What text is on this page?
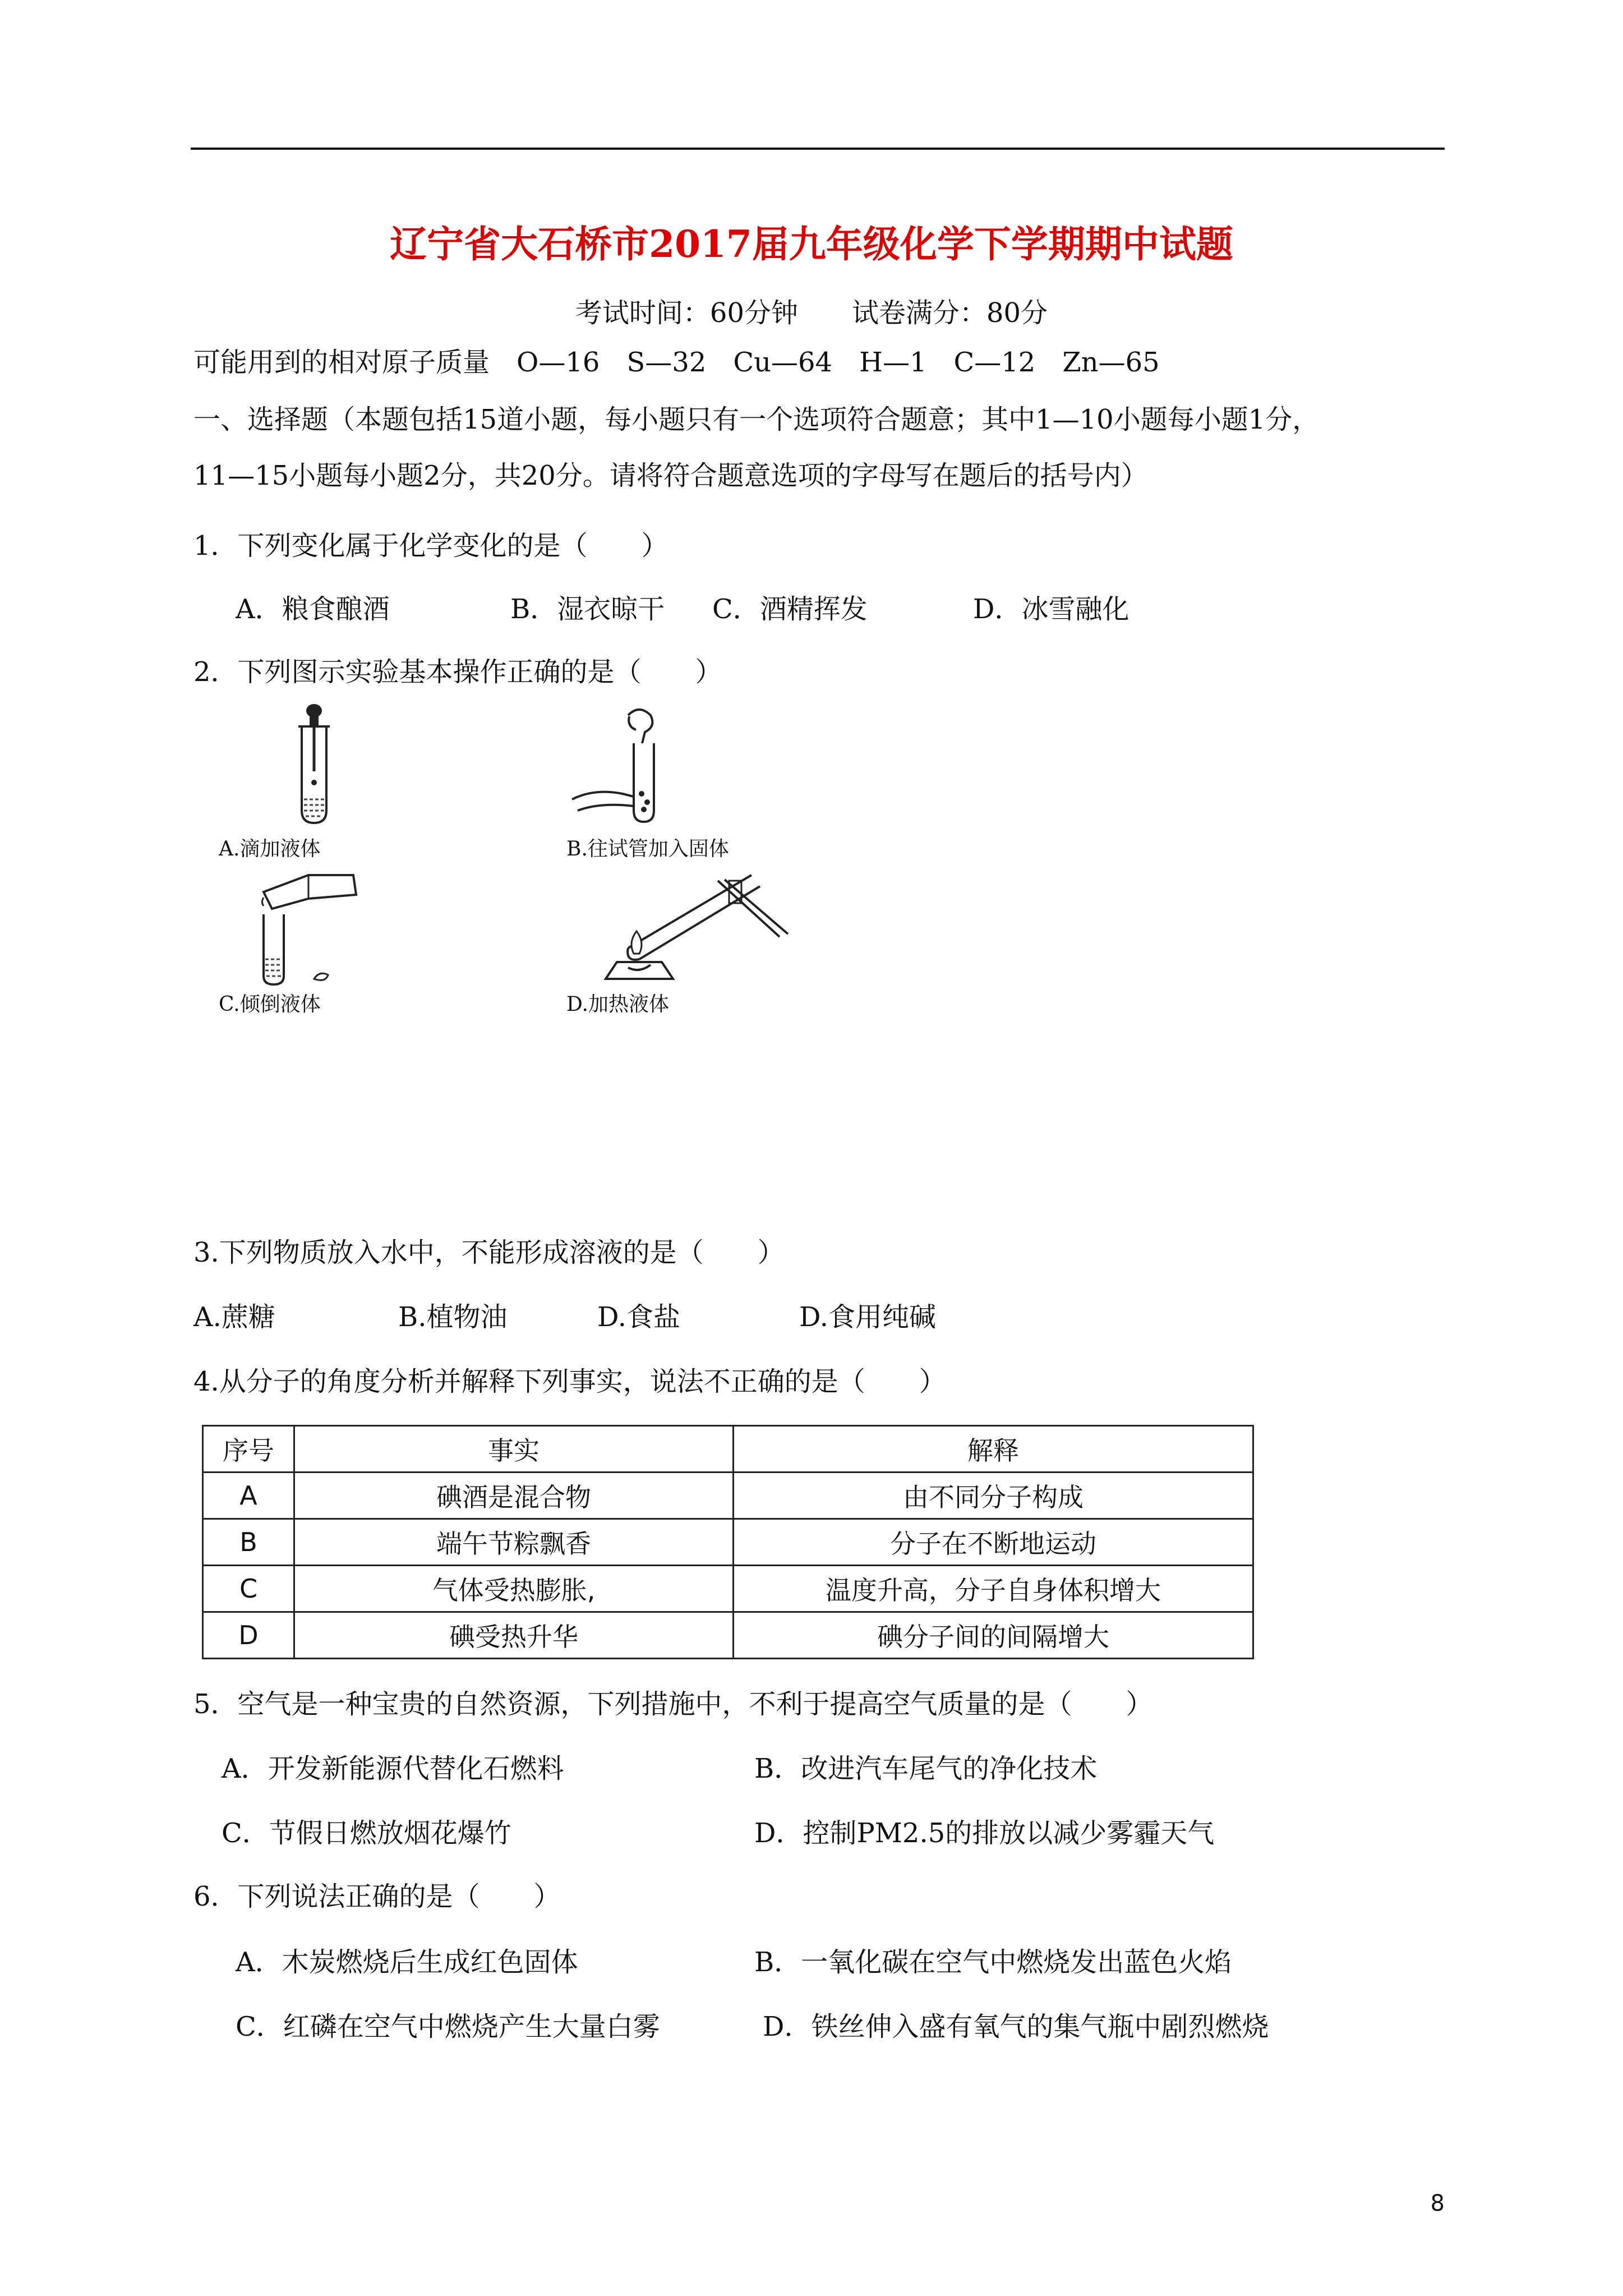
辽宁省大石桥市2017届九年级化学下学期期中试题
考试时间：60分钟　　试卷满分：80分
可能用到的相对原子质量　O—16　S—32　Cu—64　H—1　C—12　Zn—65
一、选择题（本题包括15道小题，每小题只有一个选项符合题意；其中1—10小题每小题1分，
11—15小题每小题2分，共20分。请将符合题意选项的字母写在题后的括号内）
1．下列变化属于化学变化的是（　　）
A．粮食酿酒	B．湿衣晾干 C．酒精挥发	D．冰雪融化
2．下列图示实验基本操作正确的是（　　）
A.滴加液体	B.往试管加入固体
C.倾倒液体	D.加热液体
3.下列物质放入水中，不能形成溶液的是（　　）
A.蔗糖	B.植物油	D.食盐	D.食用纯碱
4.从分子的角度分析并解释下列事实，说法不正确的是（　　）
序号	事实	解释
A	碘酒是混合物	由不同分子构成
B	端午节粽飘香	分子在不断地运动
C	气体受热膨胀,	温度升高，分子自身体积增大
D	碘受热升华	碘分子间的间隔增大
5．空气是一种宝贵的自然资源，下列措施中，不利于提高空气质量的是（　　）
A．开发新能源代替化石燃料	B．改进汽车尾气的净化技术
C．节假日燃放烟花爆竹	D．控制PM2.5的排放以减少雾霾天气
6．下列说法正确的是（　　）
A．木炭燃烧后生成红色固体	B．一氧化碳在空气中燃烧发出蓝色火焰
C．红磷在空气中燃烧产生大量白雾	D．铁丝伸入盛有氧气的集气瓶中剧烈燃烧
8
